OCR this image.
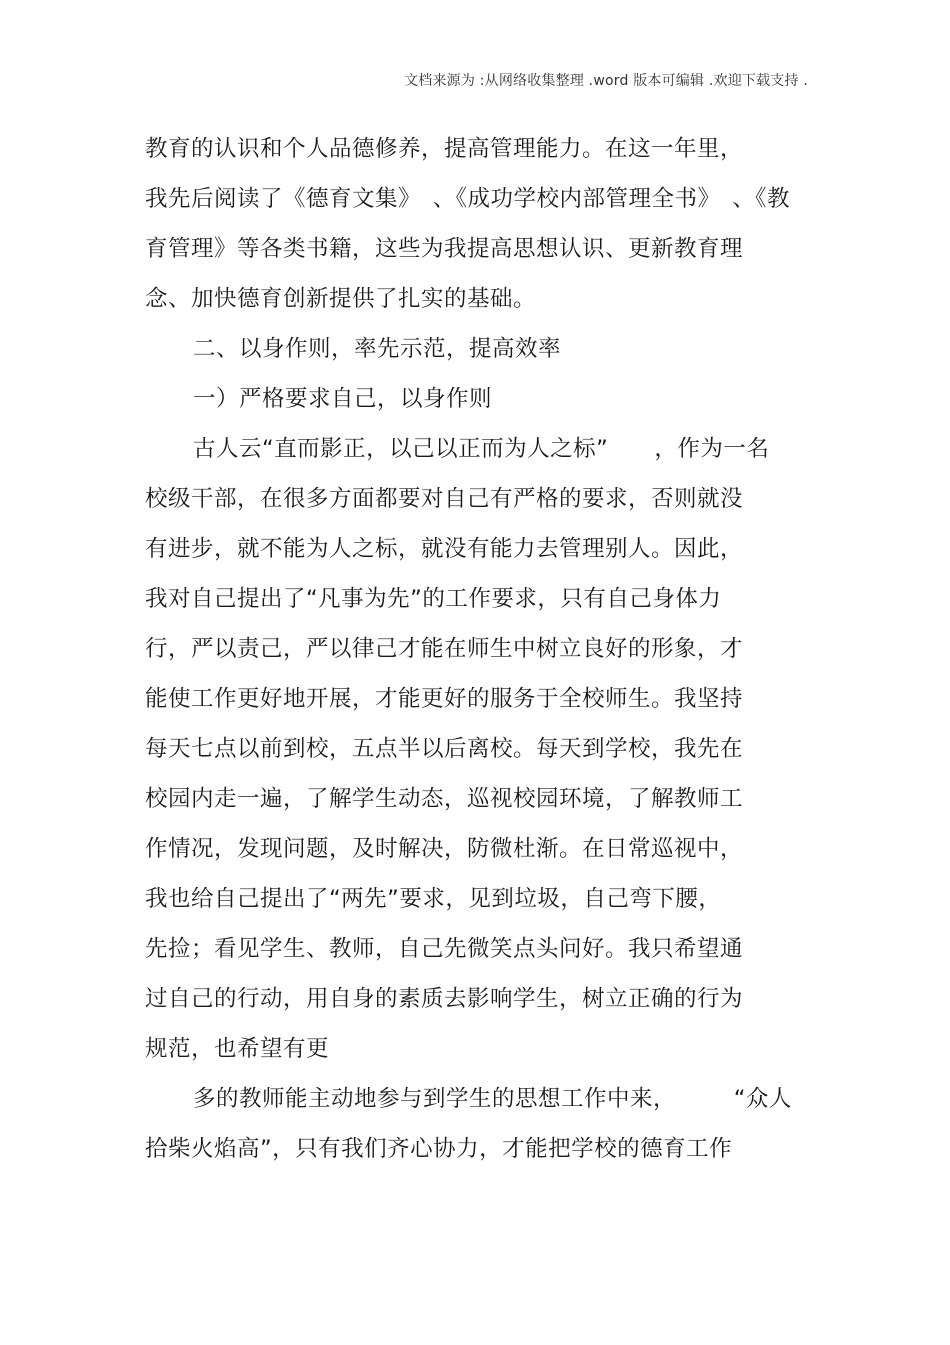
文档来源为 :从网络收集整理 .word 版本可编辑 .欢迎下载支持 .
教育的认识和个人品德修养，提高管理能力。在这一年里，
我先后阅读了《德育文集》　、《成功学校内部管理全书》　、《教
育管理》等各类书籍，这些为我提高思想认识、更新教育理
念、加快德育创新提供了扎实的基础。
二、以身作则，率先示范，提高效率
一）严格要求自己，以身作则
古人云“直而影正，以己以正而为人之标”　　，作为一名
校级干部，在很多方面都要对自己有严格的要求，否则就没
有进步，就不能为人之标，就没有能力去管理别人。因此，
我对自己提出了“凡事为先”的工作要求，只有自己身体力
行，严以责己，严以律己才能在师生中树立良好的形象，才
能使工作更好地开展，才能更好的服务于全校师生。我坚持
每天七点以前到校，五点半以后离校。每天到学校，我先在
校园内走一遍，了解学生动态，巡视校园环境，了解教师工
作情况，发现问题，及时解决，防微杜渐。在日常巡视中，
我也给自己提出了“两先”要求，见到垃圾，自己弯下腰，
先捡；看见学生、教师，自己先微笑点头问好。我只希望通
过自己的行动，用自身的素质去影响学生，树立正确的行为
规范，也希望有更
多的教师能主动地参与到学生的思想工作中来，　　　“众人
拾柴火焰高”，只有我们齐心协力，才能把学校的德育工作
